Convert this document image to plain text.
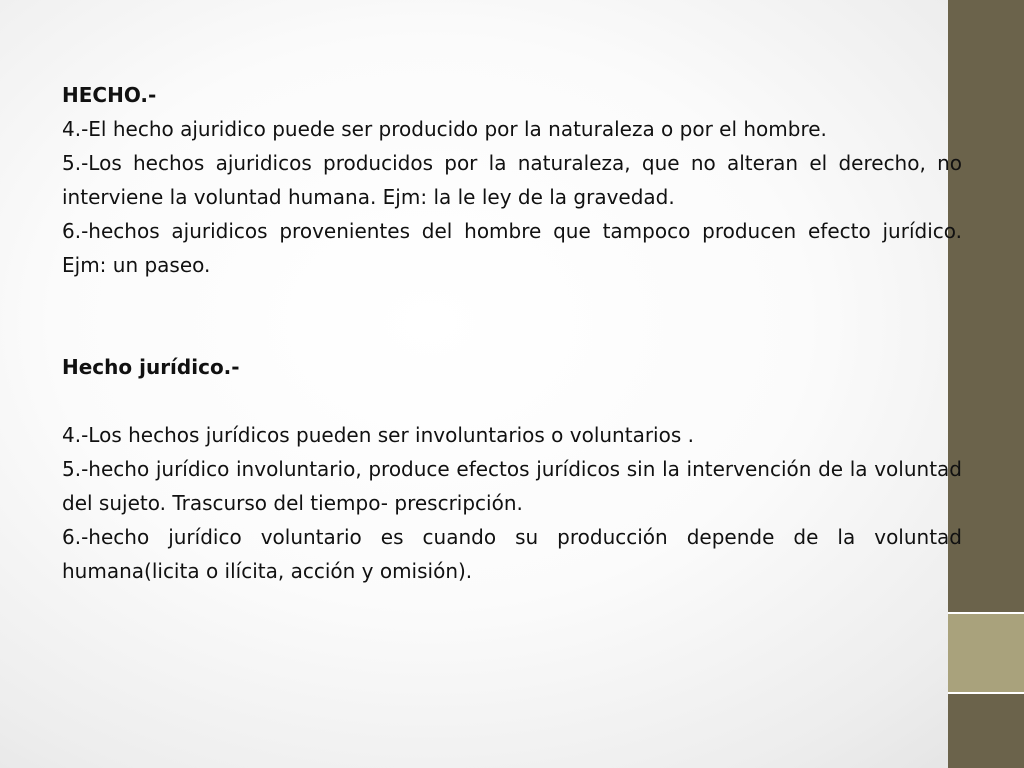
HECHO.-

4.-El hecho ajuridico puede ser producido por la naturaleza o por el hombre.

5.-Los hechos ajuridicos producidos por la naturaleza, que no alteran el derecho, no interviene la voluntad humana. Ejm: la le ley de la gravedad.

6.-hechos ajuridicos provenientes del hombre que tampoco producen efecto jurídico. Ejm: un paseo.

Hecho jurídico.-

4.-Los hechos jurídicos pueden ser involuntarios o voluntarios .

5.-hecho jurídico involuntario, produce efectos jurídicos sin la intervención de la voluntad del sujeto. Trascurso del tiempo- prescripción.

6.-hecho jurídico voluntario es cuando su producción depende de la voluntad humana(licita o ilícita, acción y omisión).
